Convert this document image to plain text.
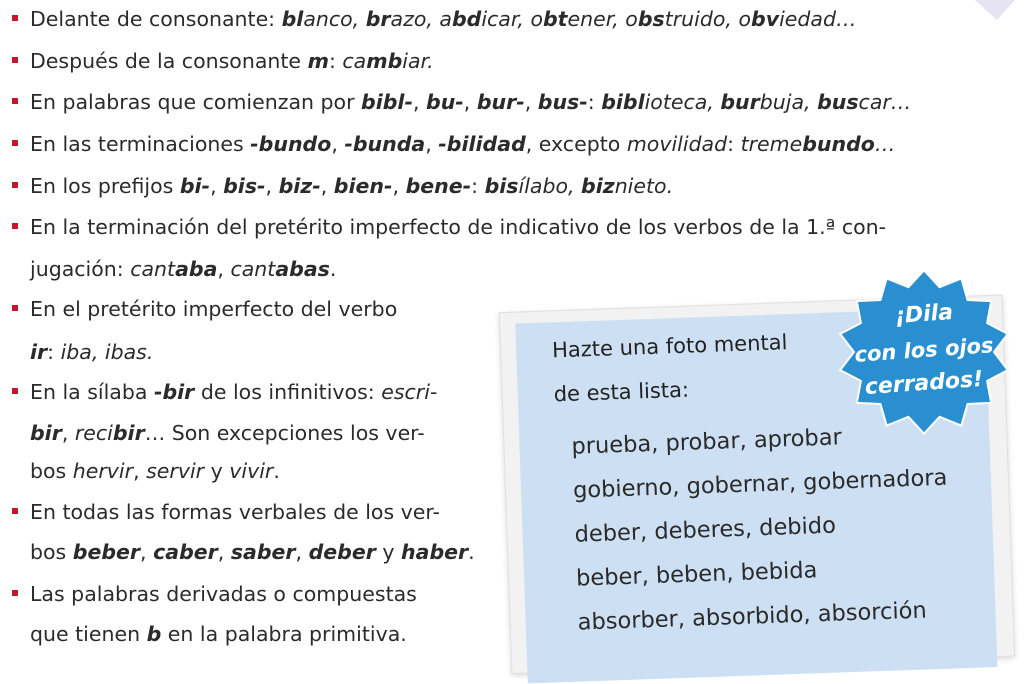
Delante de consonante: blanco, brazo, abdicar, obtener, obstruido, obviedad…
Después de la consonante m: cambiar.
En palabras que comienzan por bibl-, bu-, bur-, bus-: biblioteca, burbuja, buscar…
En las terminaciones -bundo, -bunda, -bilidad, excepto movilidad: tremebundo…
En los prefijos bi-, bis-, biz-, bien-, bene-: bisílabo, biznieto.
En la terminación del pretérito imperfecto de indicativo de los verbos de la 1.ª con-
jugación: cantaba, cantabas.
En el pretérito imperfecto del verbo
ir: iba, ibas.
En la sílaba -bir de los infinitivos: escri-
bir, recibir… Son excepciones los ver-
bos hervir, servir y vivir.
En todas las formas verbales de los ver-
bos beber, caber, saber, deber y haber.
Las palabras derivadas o compuestas
que tienen b en la palabra primitiva.
Hazte una foto mental
de esta lista:
prueba, probar, aprobar
gobierno, gobernar, gobernadora
deber, deberes, debido
beber, beben, bebida
absorber, absorbido, absorción
¡Dila
con los ojos
cerrados!
